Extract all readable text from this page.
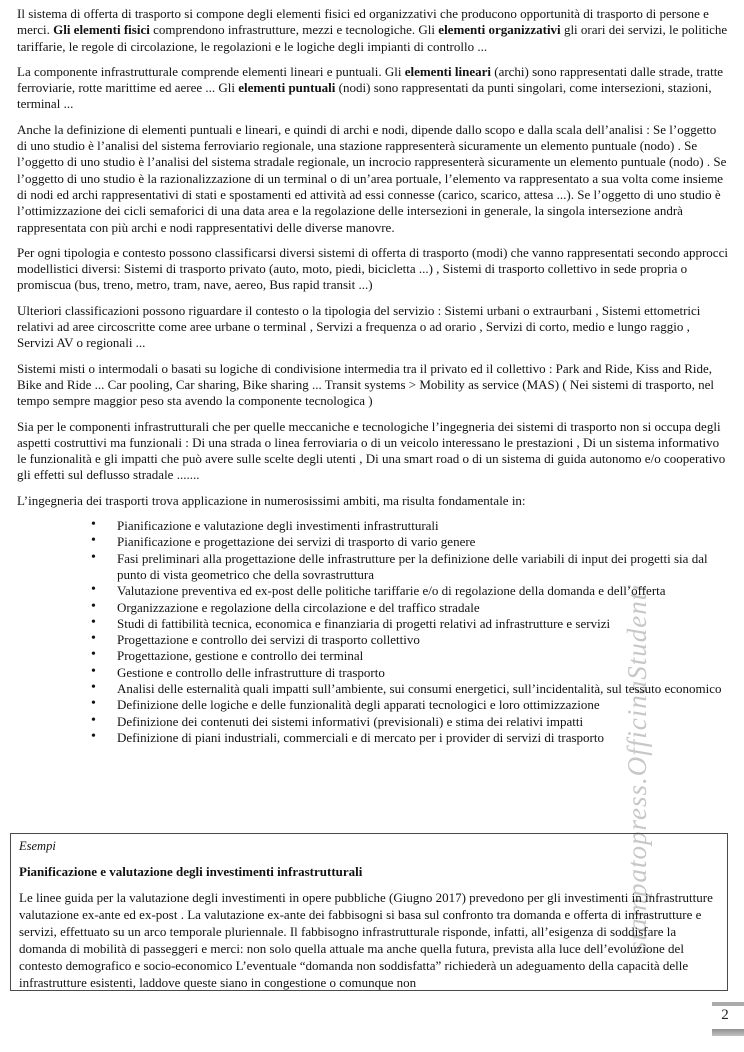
stampatopress.OfficinaStudenti

Il sistema di offerta di trasporto si compone degli elementi fisici ed organizzativi che producono opportunità di trasporto di persone e merci. Gli elementi fisici comprendono infrastrutture, mezzi e tecnologiche. Gli elementi organizzativi gli orari dei servizi, le politiche tariffarie, le regole di circolazione, le regolazioni e le logiche degli impianti di controllo ...

La componente infrastrutturale comprende elementi lineari e puntuali. Gli elementi lineari (archi) sono rappresentati dalle strade, tratte ferroviarie, rotte marittime ed aeree ... Gli elementi puntuali (nodi) sono rappresentati da punti singolari, come intersezioni, stazioni, terminal ...

Anche la definizione di elementi puntuali e lineari, e quindi di archi e nodi, dipende dallo scopo e dalla scala dell’analisi : Se l’oggetto di uno studio è l’analisi del sistema ferroviario regionale, una stazione rappresenterà sicuramente un elemento puntuale (nodo) . Se l’oggetto di uno studio è l’analisi del sistema stradale regionale, un incrocio rappresenterà sicuramente un elemento puntuale (nodo) . Se l’oggetto di uno studio è la razionalizzazione di un terminal o di un’area portuale, l’elemento va rappresentato a sua volta come insieme di nodi ed archi rappresentativi di stati e spostamenti ed attività ad essi connesse (carico, scarico, attesa ...). Se l’oggetto di uno studio è l’ottimizzazione dei cicli semaforici di una data area e la regolazione delle intersezioni in generale, la singola intersezione andrà rappresentata con più archi e nodi rappresentativi delle diverse manovre.

Per ogni tipologia e contesto possono classificarsi diversi sistemi di offerta di trasporto (modi) che vanno rappresentati secondo approcci modellistici diversi: Sistemi di trasporto privato (auto, moto, piedi, bicicletta ...) , Sistemi di trasporto collettivo in sede propria o promiscua (bus, treno, metro, tram, nave, aereo, Bus rapid transit ...)

Ulteriori classificazioni possono riguardare il contesto o la tipologia del servizio : Sistemi urbani o extraurbani , Sistemi ettometrici relativi ad aree circoscritte come aree urbane o terminal , Servizi a frequenza o ad orario , Servizi di corto, medio e lungo raggio , Servizi AV o regionali ...

Sistemi misti o intermodali o basati su logiche di condivisione intermedia tra il privato ed il collettivo : Park and Ride, Kiss and Ride, Bike and Ride ... Car pooling, Car sharing, Bike sharing ... Transit systems > Mobility as service (MAS) ( Nei sistemi di trasporto, nel tempo sempre maggior peso sta avendo la componente tecnologica )

Sia per le componenti infrastrutturali che per quelle meccaniche e tecnologiche l’ingegneria dei sistemi di trasporto non si occupa degli aspetti costruttivi ma funzionali : Di una strada o linea ferroviaria o di un veicolo interessano le prestazioni , Di un sistema informativo le funzionalità e gli impatti che può avere sulle scelte degli utenti , Di una smart road o di un sistema di guida autonomo e/o cooperativo gli effetti sul deflusso stradale .......

L’ingegneria dei trasporti trova applicazione in numerosissimi ambiti, ma risulta fondamentale in:

• Pianificazione e valutazione degli investimenti infrastrutturali
• Pianificazione e progettazione dei servizi di trasporto di vario genere
• Fasi preliminari alla progettazione delle infrastrutture per la definizione delle variabili di input dei progetti sia dal punto di vista geometrico che della sovrastruttura
• Valutazione preventiva ed ex-post delle politiche tariffarie e/o di regolazione della domanda e dell’offerta
• Organizzazione e regolazione della circolazione e del traffico stradale
• Studi di fattibilità tecnica, economica e finanziaria di progetti relativi ad infrastrutture e servizi
• Progettazione e controllo dei servizi di trasporto collettivo
• Progettazione, gestione e controllo dei terminal
• Gestione e controllo delle infrastrutture di trasporto
• Analisi delle esternalità quali impatti sull’ambiente, sui consumi energetici, sull’incidentalità, sul tessuto economico
• Definizione delle logiche e delle funzionalità degli apparati tecnologici e loro ottimizzazione
• Definizione dei contenuti dei sistemi informativi (previsionali) e stima dei relativi impatti
• Definizione di piani industriali, commerciali e di mercato per i provider di servizi di trasporto

Esempi

Pianificazione e valutazione degli investimenti infrastrutturali

Le linee guida per la valutazione degli investimenti in opere pubbliche (Giugno 2017) prevedono per gli investimenti in infrastrutture valutazione ex-ante ed ex-post . La valutazione ex-ante dei fabbisogni si basa sul confronto tra domanda e offerta di infrastrutture e servizi, effettuato su un arco temporale pluriennale. Il fabbisogno infrastrutturale risponde, infatti, all’esigenza di soddisfare la domanda di mobilità di passeggeri e merci: non solo quella attuale ma anche quella futura, prevista alla luce dell’evoluzione del contesto demografico e socio-economico L’eventuale “domanda non soddisfatta” richiederà un adeguamento della capacità delle infrastrutture esistenti, laddove queste siano in congestione o comunque non

2
